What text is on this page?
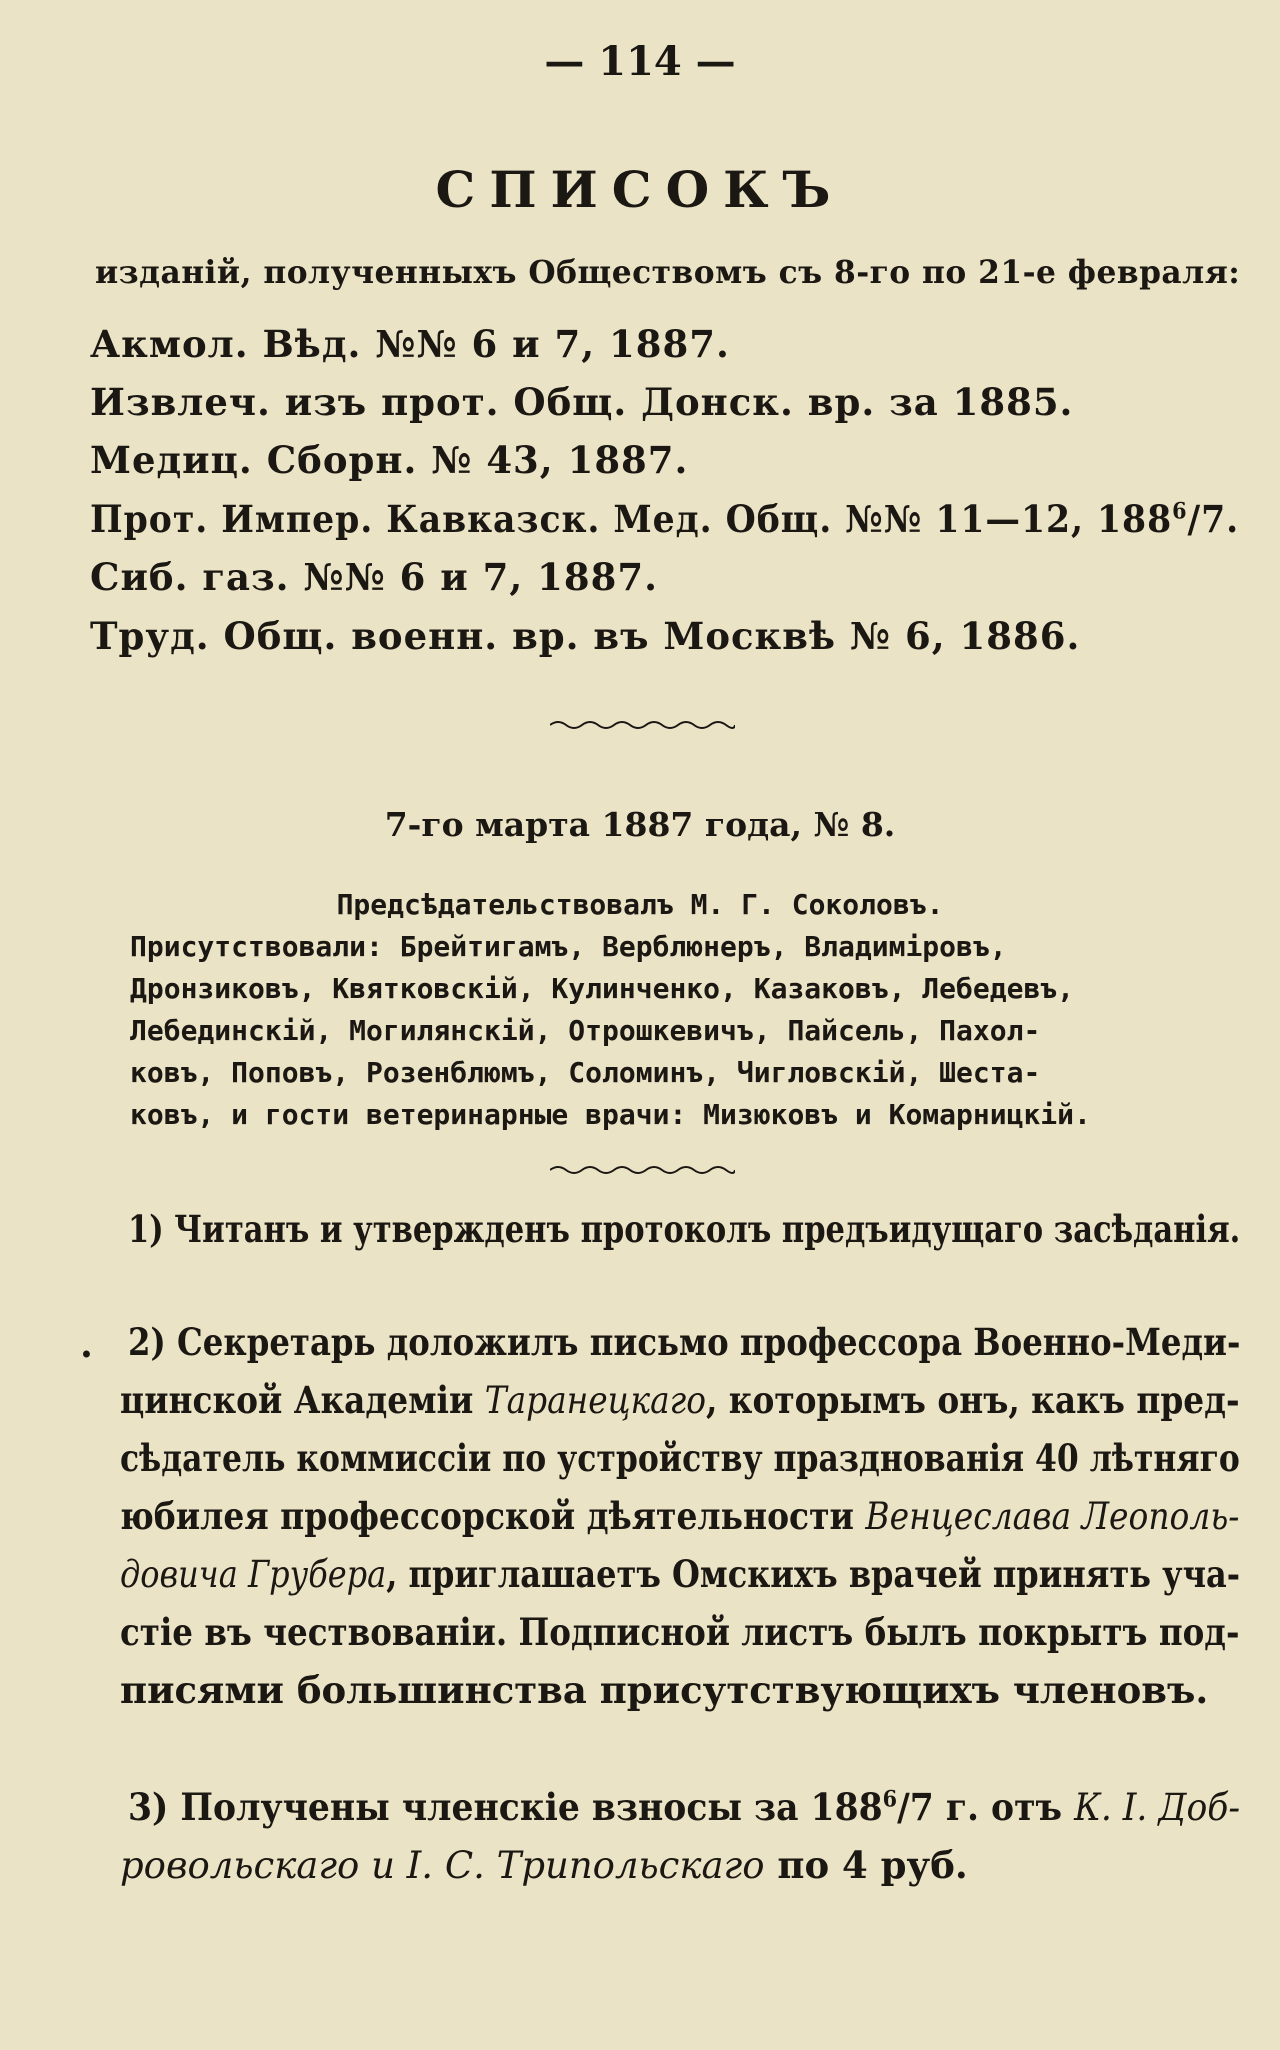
— 114 —
СПИСОКЪ
изданій, полученныхъ Обществомъ съ 8-го по 21-е февраля:
Акмол. Вѣд. №№ 6 и 7, 1887.
Извлеч. изъ прот. Общ. Донск. вр. за 1885.
Медиц. Сборн. № 43, 1887.
Прот. Импер. Кавказск. Мед. Общ. №№ 11—12, $188^6/7$.
Сиб. газ. №№ 6 и 7, 1887.
Труд. Общ. военн. вр. въ Москвѣ № 6, 1886.
7-го марта 1887 года, № 8.
Предсѣдательствовалъ М. Г. Соколовъ.
Присутствовали: Брейтигамъ, Верблюнеръ, Владиміровъ,
Дронзиковъ, Квятковскій, Кулинченко, Казаковъ, Лебедевъ,
Лебединскій, Могилянскій, Отрошкевичъ, Пайсель, Пахол-
ковъ, Поповъ, Розенблюмъ, Соломинъ, Чигловскій, Шеста-
ковъ, и гости ветеринарные врачи: Мизюковъ и Комарницкій.
1) Читанъ и утвержденъ протоколъ предъидущаго засѣданія.
. 2) Секретарь доложилъ письмо профессора Военно-Меди-
цинской Академіи Таранецкаго, которымъ онъ, какъ пред-
сѣдатель коммиссіи по устройству празднованія 40 лѣтняго
юбилея профессорской дѣятельности Венцеслава Леополь-
довича Грубера, приглашаетъ Омскихъ врачей принять уча-
стіе въ чествованіи. Подписной листъ былъ покрытъ под-
писями большинства присутствующихъ членовъ.
3) Получены членскіе взносы за $188^6/7$ г. отъ К. I. Доб-
ровольскаго и I. С. Трипольскаго по 4 руб.
